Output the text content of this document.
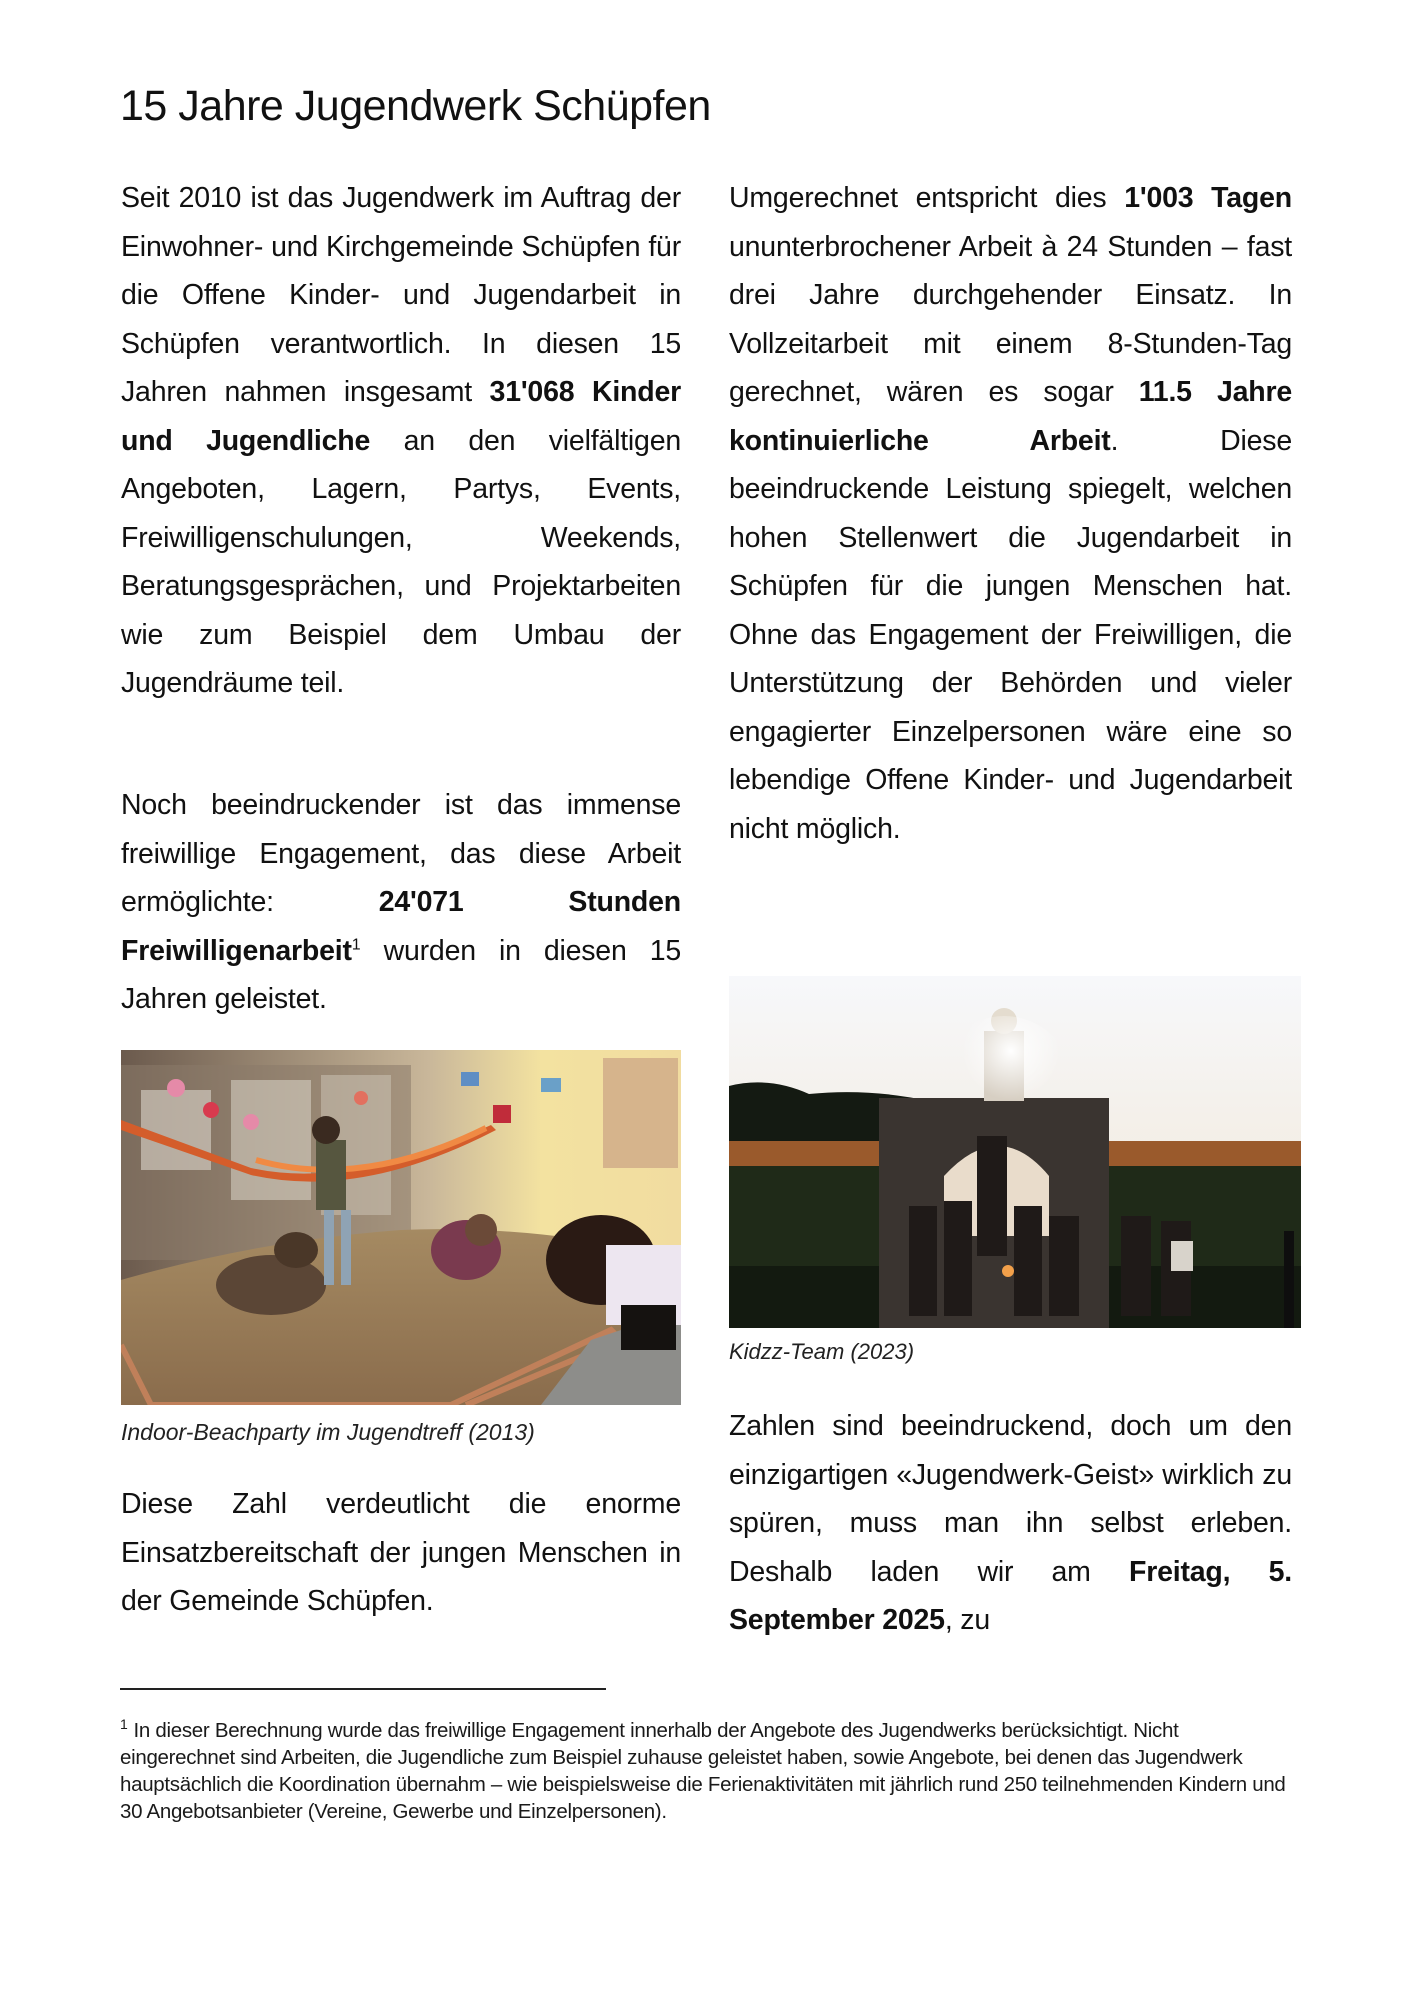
15 Jahre Jugendwerk Schüpfen

Seit 2010 ist das Jugendwerk im Auftrag der Einwohner- und Kirchgemeinde Schüpfen für die Offene Kinder- und Jugendarbeit in Schüpfen verantwortlich. In diesen 15 Jahren nahmen insgesamt 31'068 Kinder und Jugendliche an den vielfältigen Angeboten, Lagern, Partys, Events, Freiwilligenschulungen, Weekends, Beratungsgesprächen, und Projektarbeiten wie zum Beispiel dem Umbau der Jugendräume teil.

Noch beeindruckender ist das immense freiwillige Engagement, das diese Arbeit ermöglichte: 24'071 Stunden Freiwilligenarbeit$^1$ wurden in diesen 15 Jahren geleistet.

Indoor-Beachparty im Jugendtreff (2013)

Diese Zahl verdeutlicht die enorme Einsatzbereitschaft der jungen Menschen in der Gemeinde Schüpfen.

Umgerechnet entspricht dies 1'003 Tagen ununterbrochener Arbeit à 24 Stunden – fast drei Jahre durchgehender Einsatz. In Vollzeitarbeit mit einem 8-Stunden-Tag gerechnet, wären es sogar 11.5 Jahre kontinuierliche Arbeit. Diese beeindruckende Leistung spiegelt, welchen hohen Stellenwert die Jugendarbeit in Schüpfen für die jungen Menschen hat. Ohne das Engagement der Freiwilligen, die Unterstützung der Behörden und vieler engagierter Einzelpersonen wäre eine so lebendige Offene Kinder- und Jugendarbeit nicht möglich.

Kidzz-Team (2023)

Zahlen sind beeindruckend, doch um den einzigartigen «Jugendwerk-Geist» wirklich zu spüren, muss man ihn selbst erleben. Deshalb laden wir am Freitag, 5. September 2025, zu

$^1$ In dieser Berechnung wurde das freiwillige Engagement innerhalb der Angebote des Jugendwerks berücksichtigt. Nicht eingerechnet sind Arbeiten, die Jugendliche zum Beispiel zuhause geleistet haben, sowie Angebote, bei denen das Jugendwerk hauptsächlich die Koordination übernahm – wie beispielsweise die Ferienaktivitäten mit jährlich rund 250 teilnehmenden Kindern und 30 Angebotsanbieter (Vereine, Gewerbe und Einzelpersonen).
